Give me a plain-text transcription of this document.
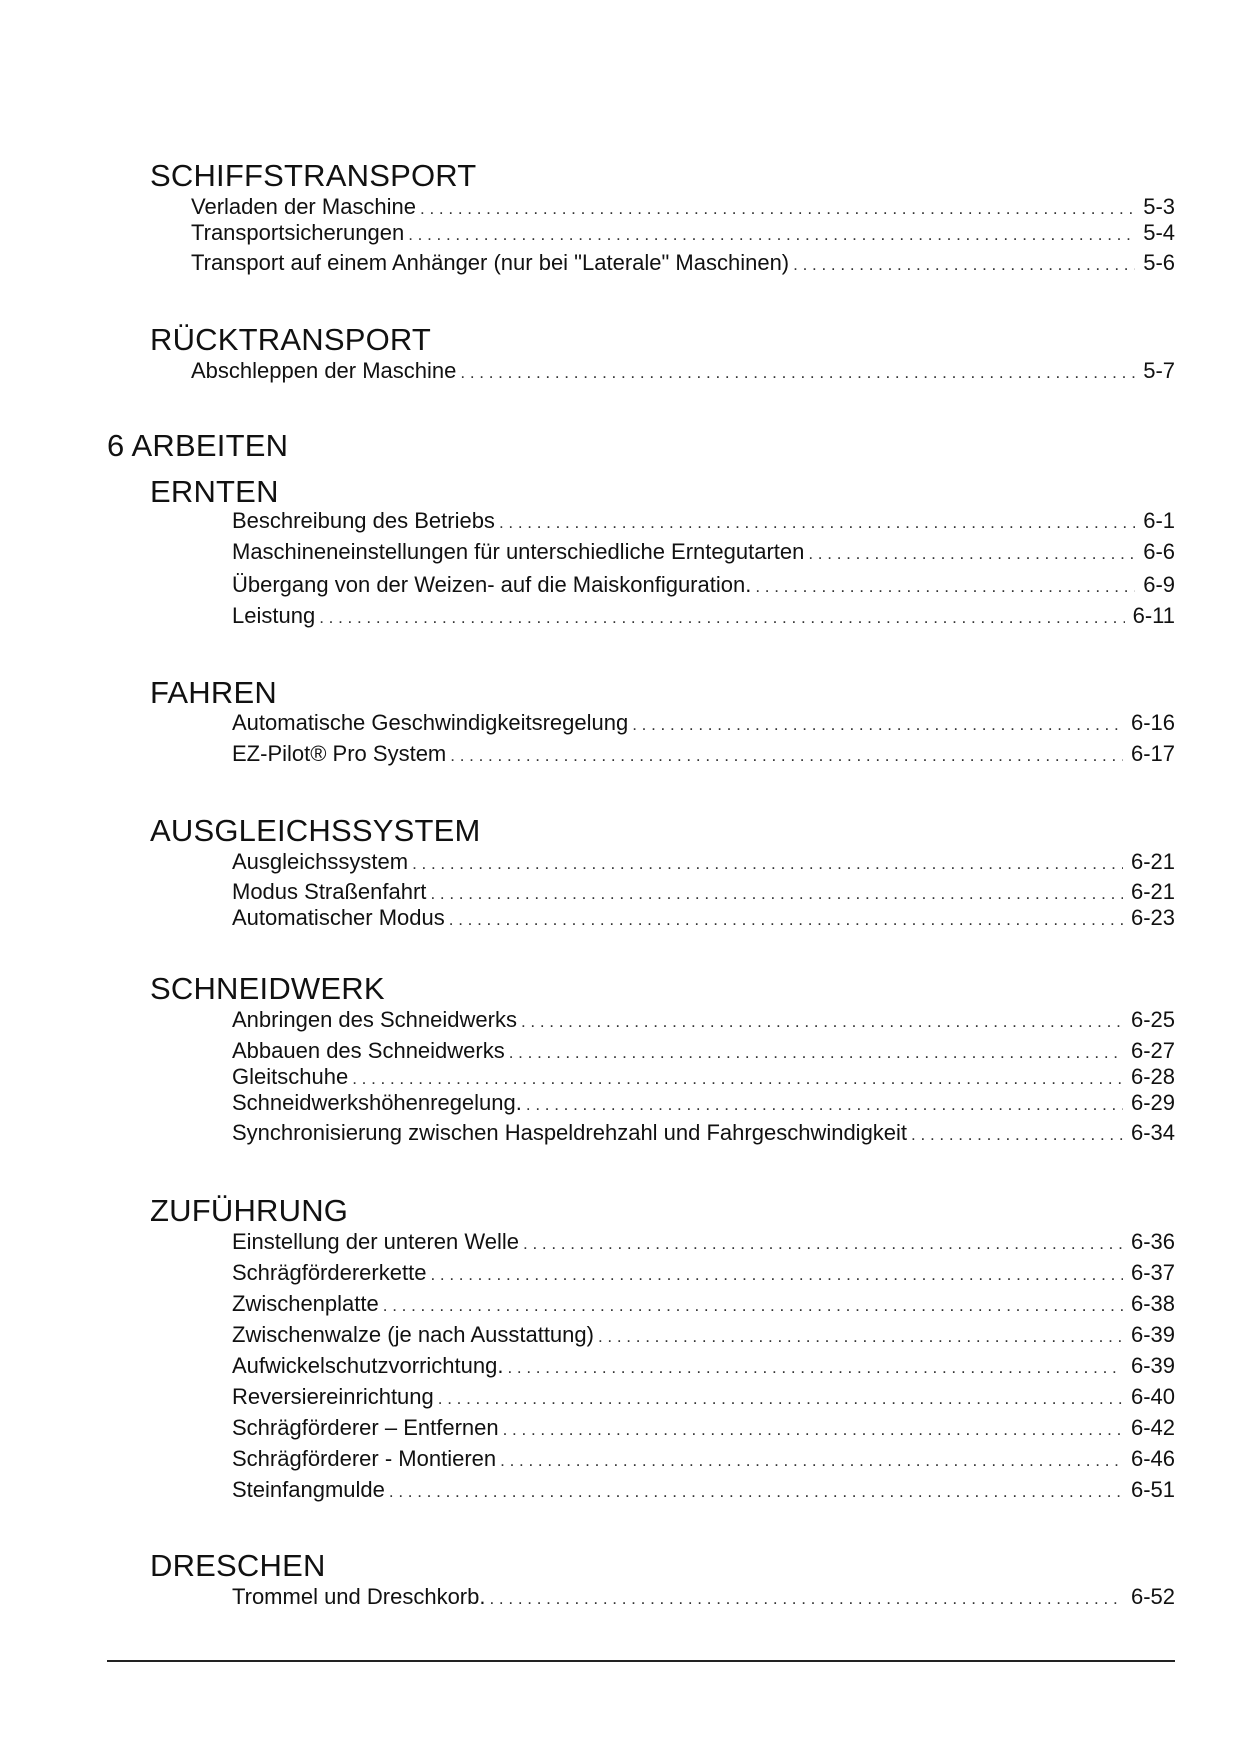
SCHIFFSTRANSPORT
Verladen der Maschine . . .	5-3
Transportsicherungen . . .	5-4
Transport auf einem Anhänger (nur bei "Laterale" Maschinen) . . .	5-6
RÜCKTRANSPORT
Abschleppen der Maschine . . .	5-7
6 ARBEITEN
ERNTEN
Beschreibung des Betriebs . . .	6-1
Maschineneinstellungen für unterschiedliche Erntegutarten . . .	6-6
Übergang von der Weizen- auf die Maiskonfiguration. . . .	6-9
Leistung . . .	6-11
FAHREN
Automatische Geschwindigkeitsregelung . . .	6-16
EZ-Pilot® Pro System . . .	6-17
AUSGLEICHSSYSTEM
Ausgleichssystem . . .	6-21
Modus Straßenfahrt . . .	6-21
Automatischer Modus . . .	6-23
SCHNEIDWERK
Anbringen des Schneidwerks . . .	6-25
Abbauen des Schneidwerks . . .	6-27
Gleitschuhe . . .	6-28
Schneidwerkshöhenregelung. . . .	6-29
Synchronisierung zwischen Haspeldrehzahl und Fahrgeschwindigkeit . . .	6-34
ZUFÜHRUNG
Einstellung der unteren Welle . . .	6-36
Schrägfördererkette . . .	6-37
Zwischenplatte . . .	6-38
Zwischenwalze (je nach Ausstattung) . . .	6-39
Aufwickelschutzvorrichtung. . . .	6-39
Reversiereinrichtung . . .	6-40
Schrägförderer – Entfernen . . .	6-42
Schrägförderer - Montieren . . .	6-46
Steinfangmulde . . .	6-51
DRESCHEN
Trommel und Dreschkorb. . . .	6-52
